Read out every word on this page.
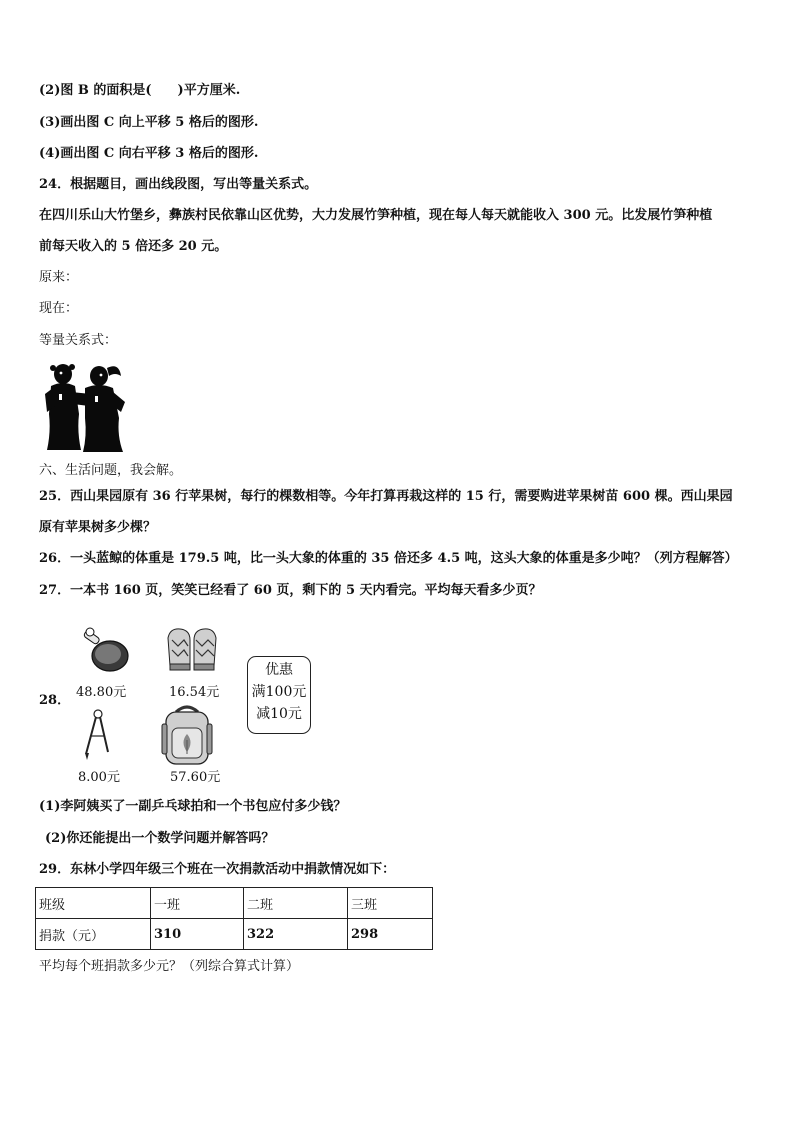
(2)图 B 的面积是( )平方厘米.
(3)画出图 C 向上平移 5 格后的图形.
(4)画出图 C 向右平移 3 格后的图形.
24．根据题目，画出线段图，写出等量关系式。
在四川乐山大竹堡乡，彝族村民依靠山区优势，大力发展竹笋种植，现在每人每天就能收入 300 元。比发展竹笋种植
前每天收入的 5 倍还多 20 元。
原来：
现在：
等量关系式：
六、生活问题，我会解。
25．西山果园原有 36 行苹果树，每行的棵数相等。今年打算再栽这样的 15 行，需要购进苹果树苗 600 棵。西山果园
原有苹果树多少棵？
26．一头蓝鲸的体重是 179.5 吨，比一头大象的体重的 35 倍还多 4.5 吨，这头大象的体重是多少吨？（列方程解答）
27．一本书 160 页，笑笑已经看了 60 页，剩下的 5 天内看完。平均每天看多少页？
28．
48.80元	16.54元
优惠
满100元
减10元
8.00元	57.60元
(1)李阿姨买了一副乒乓球拍和一个书包应付多少钱？
(2)你还能提出一个数学问题并解答吗？
29．东林小学四年级三个班在一次捐款活动中捐款情况如下：
班级	一班	二班	三班
捐款（元）	310	322	298
平均每个班捐款多少元？（列综合算式计算）
